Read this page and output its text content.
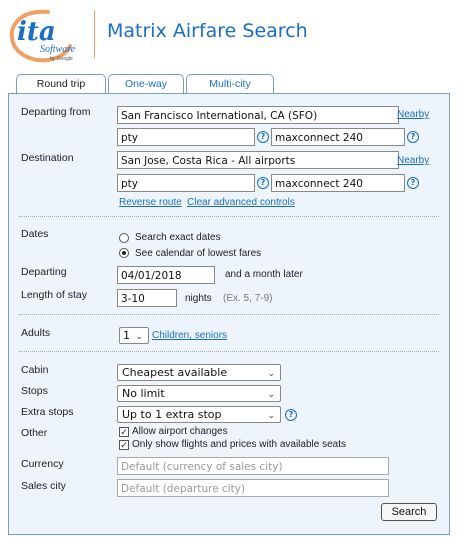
ita
Software
by Google
Matrix Airfare Search
Round trip	One-way	Multi-city
Departing from	San Francisco International, CA (SFO)	Nearby
pty	? maxconnect 240	?
Destination	San Jose, Costa Rica - All airports	Nearby
pty	? maxconnect 240	?
Reverse route Clear advanced controls
Dates	Search exact dates
See calendar of lowest fares
Departing	04/01/2018	and a month later
Length of stay	3-10	nights (Ex. 5, 7-9)
Adults	1 ⌄ Children, seniors
Cabin	Cheapest available	⌄
Stops	No limit	⌄
Extra stops	Up to 1 extra stop	⌄	?
Other	✓ Allow airport changes
✓ Only show flights and prices with available seats
Currency	Default (currency of sales city)
Sales city	Default (departure city)
Search
